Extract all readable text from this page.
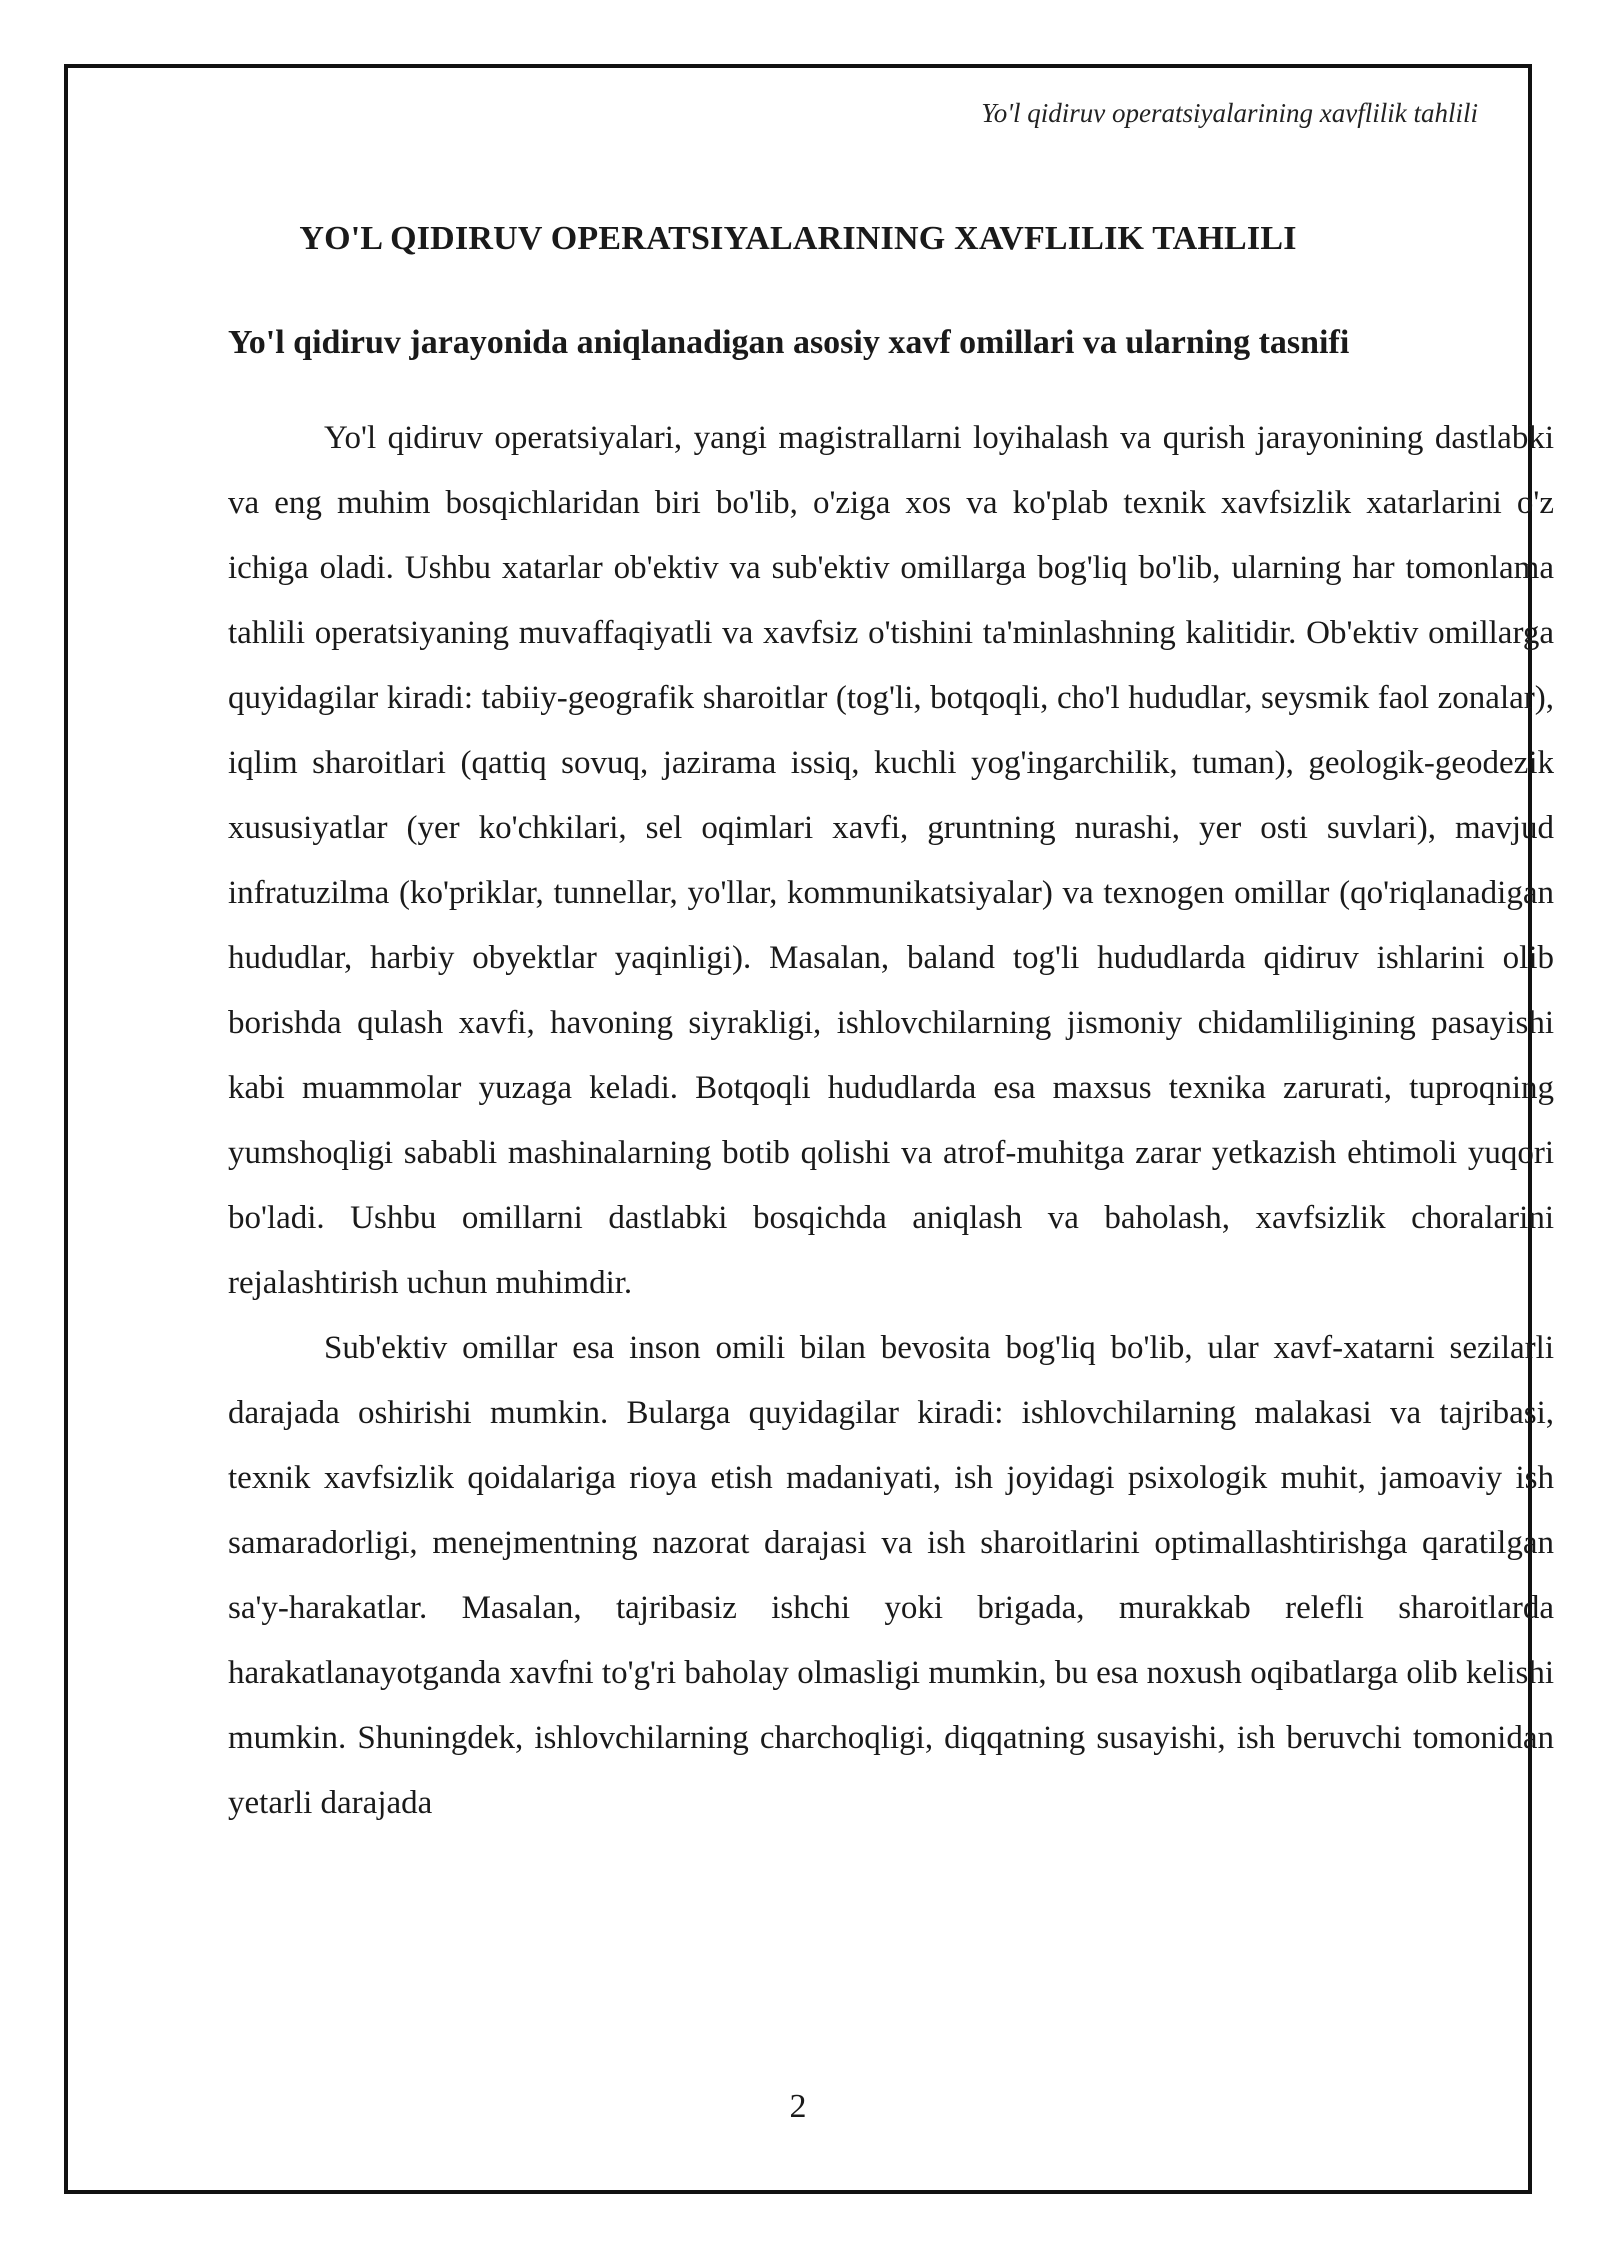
Yo'l qidiruv operatsiyalarining xavflilik tahlili
YO'L QIDIRUV OPERATSIYALARINING XAVFLILIK TAHLILI
Yo'l qidiruv jarayonida aniqlanadigan asosiy xavf omillari va ularning tasnifi

Yo'l qidiruv operatsiyalari, yangi magistrallarni loyihalash va qurish jarayonining dastlabki va eng muhim bosqichlaridan biri bo'lib, o'ziga xos va ko'plab texnik xavfsizlik xatarlarini o'z ichiga oladi. Ushbu xatarlar ob'ektiv va sub'ektiv omillarga bog'liq bo'lib, ularning har tomonlama tahlili operatsiyaning muvaffaqiyatli va xavfsiz o'tishini ta'minlashning kalitidir. Ob'ektiv omillarga quyidagilar kiradi: tabiiy-geografik sharoitlar (tog'li, botqoqli, cho'l hududlar, seysmik faol zonalar), iqlim sharoitlari (qattiq sovuq, jazirama issiq, kuchli yog'ingarchilik, tuman), geologik-geodezik xususiyatlar (yer ko'chkilari, sel oqimlari xavfi, gruntning nurashi, yer osti suvlari), mavjud infratuzilma (ko'priklar, tunnellar, yo'llar, kommunikatsiyalar) va texnogen omillar (qo'riqlanadigan hududlar, harbiy obyektlar yaqinligi). Masalan, baland tog'li hududlarda qidiruv ishlarini olib borishda qulash xavfi, havoning siyrakligi, ishlovchilarning jismoniy chidamliligining pasayishi kabi muammolar yuzaga keladi. Botqoqli hududlarda esa maxsus texnika zarurati, tuproqning yumshoqligi sababli mashinalarning botib qolishi va atrof-muhitga zarar yetkazish ehtimoli yuqori bo'ladi. Ushbu omillarni dastlabki bosqichda aniqlash va baholash, xavfsizlik choralarini rejalashtirish uchun muhimdir.

Sub'ektiv omillar esa inson omili bilan bevosita bog'liq bo'lib, ular xavf-xatarni sezilarli darajada oshirishi mumkin. Bularga quyidagilar kiradi: ishlovchilarning malakasi va tajribasi, texnik xavfsizlik qoidalariga rioya etish madaniyati, ish joyidagi psixologik muhit, jamoaviy ish samaradorligi, menejmentning nazorat darajasi va ish sharoitlarini optimallashtirishga qaratilgan sa'y-harakatlar. Masalan, tajribasiz ishchi yoki brigada, murakkab relefli sharoitlarda harakatlanayotganda xavfni to'g'ri baholay olmasligi mumkin, bu esa noxush oqibatlarga olib kelishi mumkin. Shuningdek, ishlovchilarning charchoqligi, diqqatning susayishi, ish beruvchi tomonidan yetarli darajada

2
